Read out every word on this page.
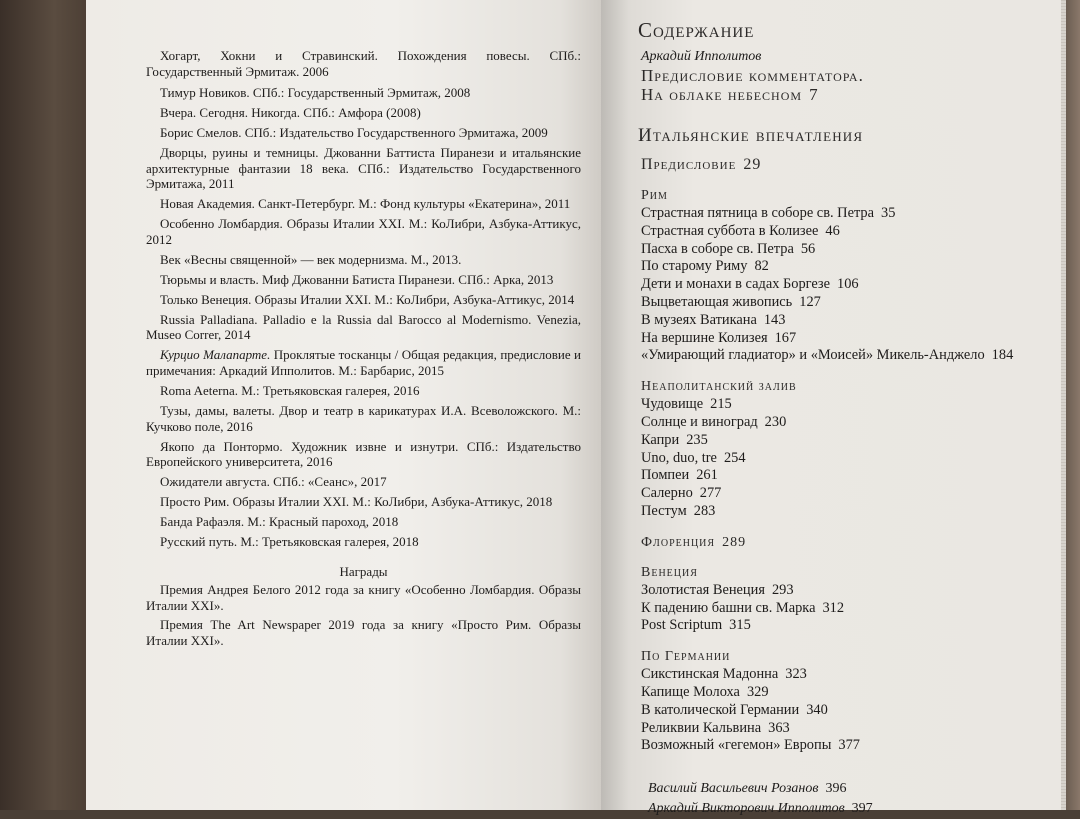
Хогарт, Хокни и Стравинский. Похождения повесы. СПб.: Государственный Эрмитаж. 2006
Тимур Новиков. СПб.: Государственный Эрмитаж, 2008
Вчера. Сегодня. Никогда. СПб.: Амфора (2008)
Борис Смелов. СПб.: Издательство Государственного Эрмитажа, 2009
Дворцы, руины и темницы. Джованни Баттиста Пиранези и итальянские архитектурные фантазии 18 века. СПб.: Издательство Государственного Эрмитажа, 2011
Новая Академия. Санкт-Петербург. М.: Фонд культуры «Екатерина», 2011
Особенно Ломбардия. Образы Италии XXI. М.: КоЛибри, Азбука-Аттикус, 2012
Век «Весны священной» — век модернизма. М., 2013.
Тюрьмы и власть. Миф Джованни Батиста Пиранези. СПб.: Арка, 2013
Только Венеция. Образы Италии XXI. М.: КоЛибри, Азбука-Аттикус, 2014
Russia Palladiana. Palladio e la Russia dal Barocco al Modernismo. Venezia, Museo Correr, 2014
Курцио Малапарте. Проклятые тосканцы / Общая редакция, предисловие и примечания: Аркадий Ипполитов. М.: Барбарис, 2015
Roma Aeterna. М.: Третьяковская галерея, 2016
Тузы, дамы, валеты. Двор и театр в карикатурах И.А. Всеволожского. М.: Кучково поле, 2016
Якопо да Понтормо. Художник извне и изнутри. СПб.: Издательство Европейского университета, 2016
Ожидатели августа. СПб.: «Сеанс», 2017
Просто Рим. Образы Италии XXI. М.: КоЛибри, Азбука-Аттикус, 2018
Банда Рафаэля. М.: Красный пароход, 2018
Русский путь. М.: Третьяковская галерея, 2018
Награды
Премия Андрея Белого 2012 года за книгу «Особенно Ломбардия. Образы Италии XXI».
Премия The Art Newspaper 2019 года за книгу «Просто Рим. Образы Италии XXI».
Содержание
Аркадий Ипполитов
Предисловие комментатора.
На облаке небесном 7
Итальянские впечатления
Предисловие 29
Рим
Страстная пятница в соборе св. Петра 35
Страстная суббота в Колизее 46
Пасха в соборе св. Петра 56
По старому Риму 82
Дети и монахи в садах Боргезе 106
Выцветающая живопись 127
В музеях Ватикана 143
На вершине Колизея 167
«Умирающий гладиатор» и «Моисей» Микель-Анджело 184
Неаполитанский залив
Чудовище 215
Солнце и виноград 230
Капри 235
Uno, duo, tre 254
Помпеи 261
Салерно 277
Пестум 283
Флоренция 289
Венеция
Золотистая Венеция 293
К падению башни св. Марка 312
Post Scriptum 315
По Германии
Сикстинская Мадонна 323
Капище Молоха 329
В католической Германии 340
Реликвии Кальвина 363
Возможный «гегемон» Европы 377
Василий Васильевич Розанов 396
Аркадий Викторович Ипполитов 397
